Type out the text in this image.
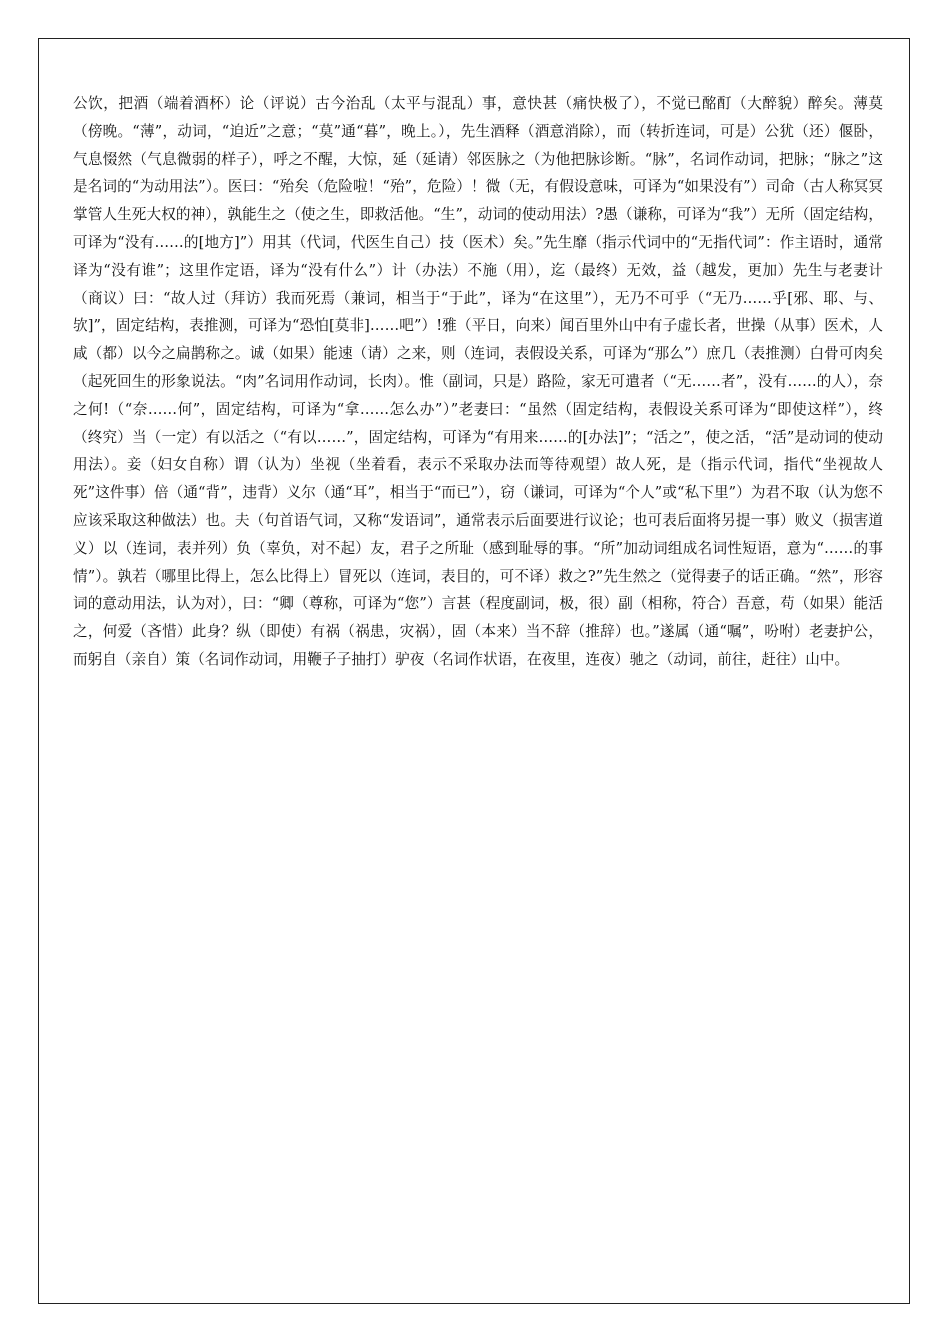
公饮，把酒（端着酒杯）论（评说）古今治乱（太平与混乱）事，意快甚（痛快极了），不觉已酩酊（大醉貌）醉矣。薄莫（傍晚。“薄”，动词，“迫近”之意；“莫”通“暮”，晚上。），先生酒释（酒意消除），而（转折连词，可是）公犹（还）偃卧，气息惙然（气息微弱的样子），呼之不醒，大惊，延（延请）邻医脉之（为他把脉诊断。“脉”，名词作动词，把脉；“脉之”这是名词的“为动用法”）。医曰：“殆矣（危险啦！“殆”，危险）！微（无，有假设意味，可译为“如果没有”）司命（古人称冥冥掌管人生死大权的神），孰能生之（使之生，即救活他。“生”，动词的使动用法）?愚（谦称，可译为“我”）无所（固定结构，可译为“没有……的[地方]”）用其（代词，代医生自己）技（医术）矣。”先生靡（指示代词中的“无指代词”：作主语时，通常译为“没有谁”；这里作定语，译为“没有什么”）计（办法）不施（用），迄（最终）无效，益（越发，更加）先生与老妻计（商议）曰：“故人过（拜访）我而死焉（兼词，相当于“于此”，译为“在这里”），无乃不可乎（“无乃……乎[邪、耶、与、欤]”，固定结构，表推测，可译为“恐怕[莫非]……吧”）!雅（平日，向来）闻百里外山中有子虚长者，世操（从事）医术，人咸（都）以今之扁鹊称之。诚（如果）能速（请）之来，则（连词，表假设关系，可译为“那么”）庶几（表推测）白骨可肉矣（起死回生的形象说法。“肉”名词用作动词，长肉）。惟（副词，只是）路险，家无可遣者（“无……者”，没有……的人），奈之何!（“奈……何”，固定结构，可译为“拿……怎么办”）”老妻曰：“虽然（固定结构，表假设关系可译为“即使这样”），终（终究）当（一定）有以活之（“有以……”，固定结构，可译为“有用来……的[办法]”；“活之”，使之活，“活”是动词的使动用法）。妾（妇女自称）谓（认为）坐视（坐着看，表示不采取办法而等待观望）故人死，是（指示代词，指代“坐视故人死”这件事）倍（通“背”，违背）义尔（通“耳”，相当于“而已”），窃（谦词，可译为“个人”或“私下里”）为君不取（认为您不应该采取这种做法）也。夫（句首语气词，又称“发语词”，通常表示后面要进行议论；也可表后面将另提一事）败义（损害道义）以（连词，表并列）负（辜负，对不起）友，君子之所耻（感到耻辱的事。“所”加动词组成名词性短语，意为“……的事情”）。孰若（哪里比得上，怎么比得上）冒死以（连词，表目的，可不译）救之?”先生然之（觉得妻子的话正确。“然”，形容词的意动用法，认为对），曰：“卿（尊称，可译为“您”）言甚（程度副词，极，很）副（相称，符合）吾意，苟（如果）能活之，何爱（吝惜）此身？纵（即使）有祸（祸患，灾祸），固（本来）当不辞（推辞）也。”遂属（通“嘱”，吩咐）老妻护公，而躬自（亲自）策（名词作动词，用鞭子子抽打）驴夜（名词作状语，在夜里，连夜）驰之（动词，前往，赶往）山中。
